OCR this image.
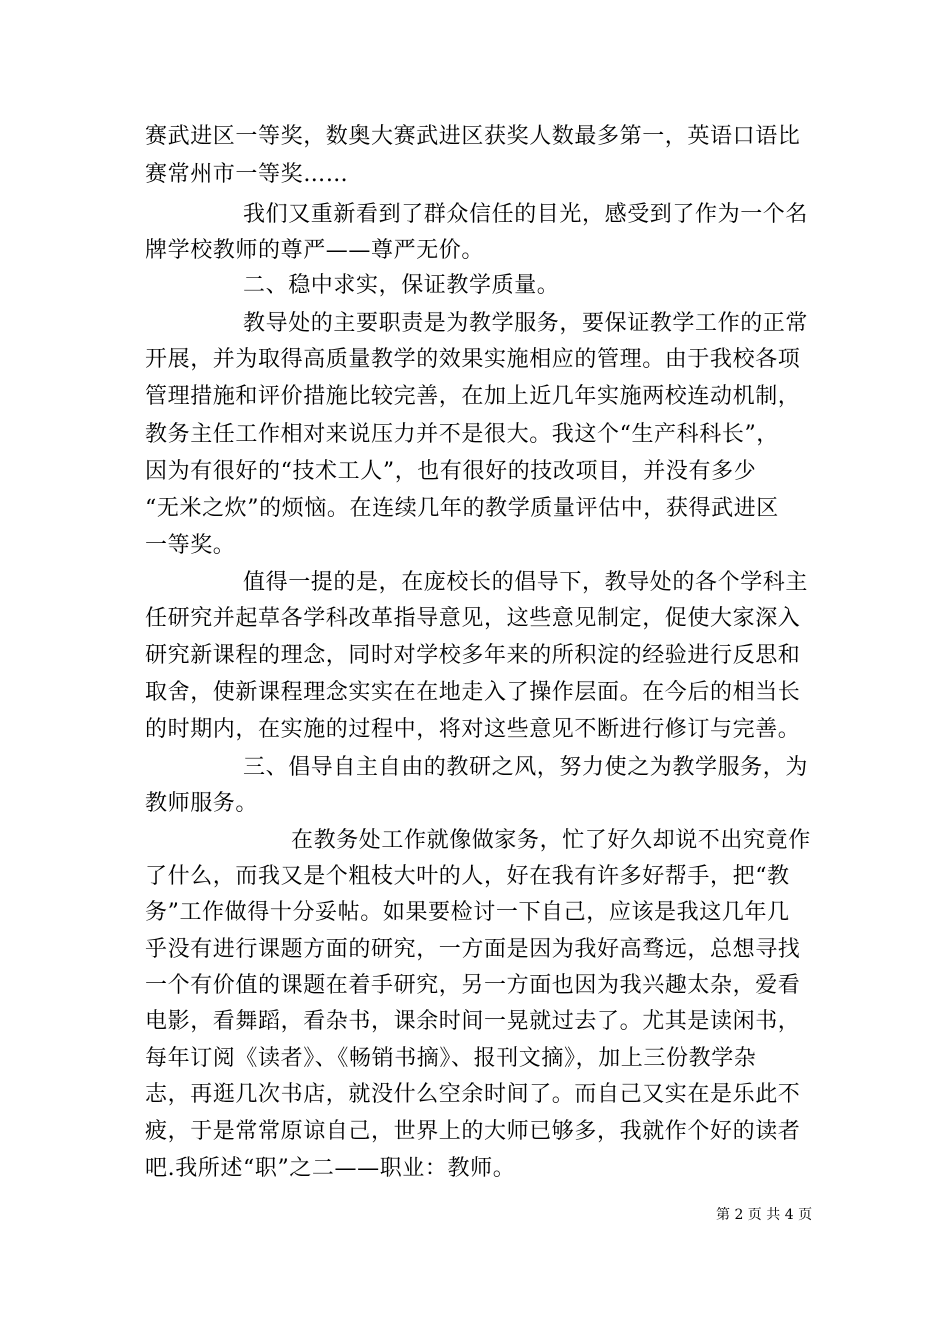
赛武进区一等奖，数奥大赛武进区获奖人数最多第一，英语口语比
赛常州市一等奖……
我们又重新看到了群众信任的目光，感受到了作为一个名
牌学校教师的尊严——尊严无价。
二、稳中求实，保证教学质量。
教导处的主要职责是为教学服务，要保证教学工作的正常
开展，并为取得高质量教学的效果实施相应的管理。由于我校各项
管理措施和评价措施比较完善，在加上近几年实施两校连动机制，
教务主任工作相对来说压力并不是很大。我这个“生产科科长”，
因为有很好的“技术工人”，也有很好的技改项目，并没有多少
“无米之炊”的烦恼。在连续几年的教学质量评估中，获得武进区
一等奖。
值得一提的是，在庞校长的倡导下，教导处的各个学科主
任研究并起草各学科改革指导意见，这些意见制定，促使大家深入
研究新课程的理念，同时对学校多年来的所积淀的经验进行反思和
取舍，使新课程理念实实在在地走入了操作层面。在今后的相当长
的时期内，在实施的过程中，将对这些意见不断进行修订与完善。
三、倡导自主自由的教研之风，努力使之为教学服务，为
教师服务。
在教务处工作就像做家务，忙了好久却说不出究竟作
了什么，而我又是个粗枝大叶的人，好在我有许多好帮手，把“教
务”工作做得十分妥帖。如果要检讨一下自己，应该是我这几年几
乎没有进行课题方面的研究，一方面是因为我好高骛远，总想寻找
一个有价值的课题在着手研究，另一方面也因为我兴趣太杂，爱看
电影，看舞蹈，看杂书，课余时间一晃就过去了。尤其是读闲书，
每年订阅《读者》、《畅销书摘》、报刊文摘》，加上三份教学杂
志，再逛几次书店，就没什么空余时间了。而自己又实在是乐此不
疲，于是常常原谅自己，世界上的大师已够多，我就作个好的读者
吧.我所述“职”之二——职业：教师。
第 2 页 共 4 页
